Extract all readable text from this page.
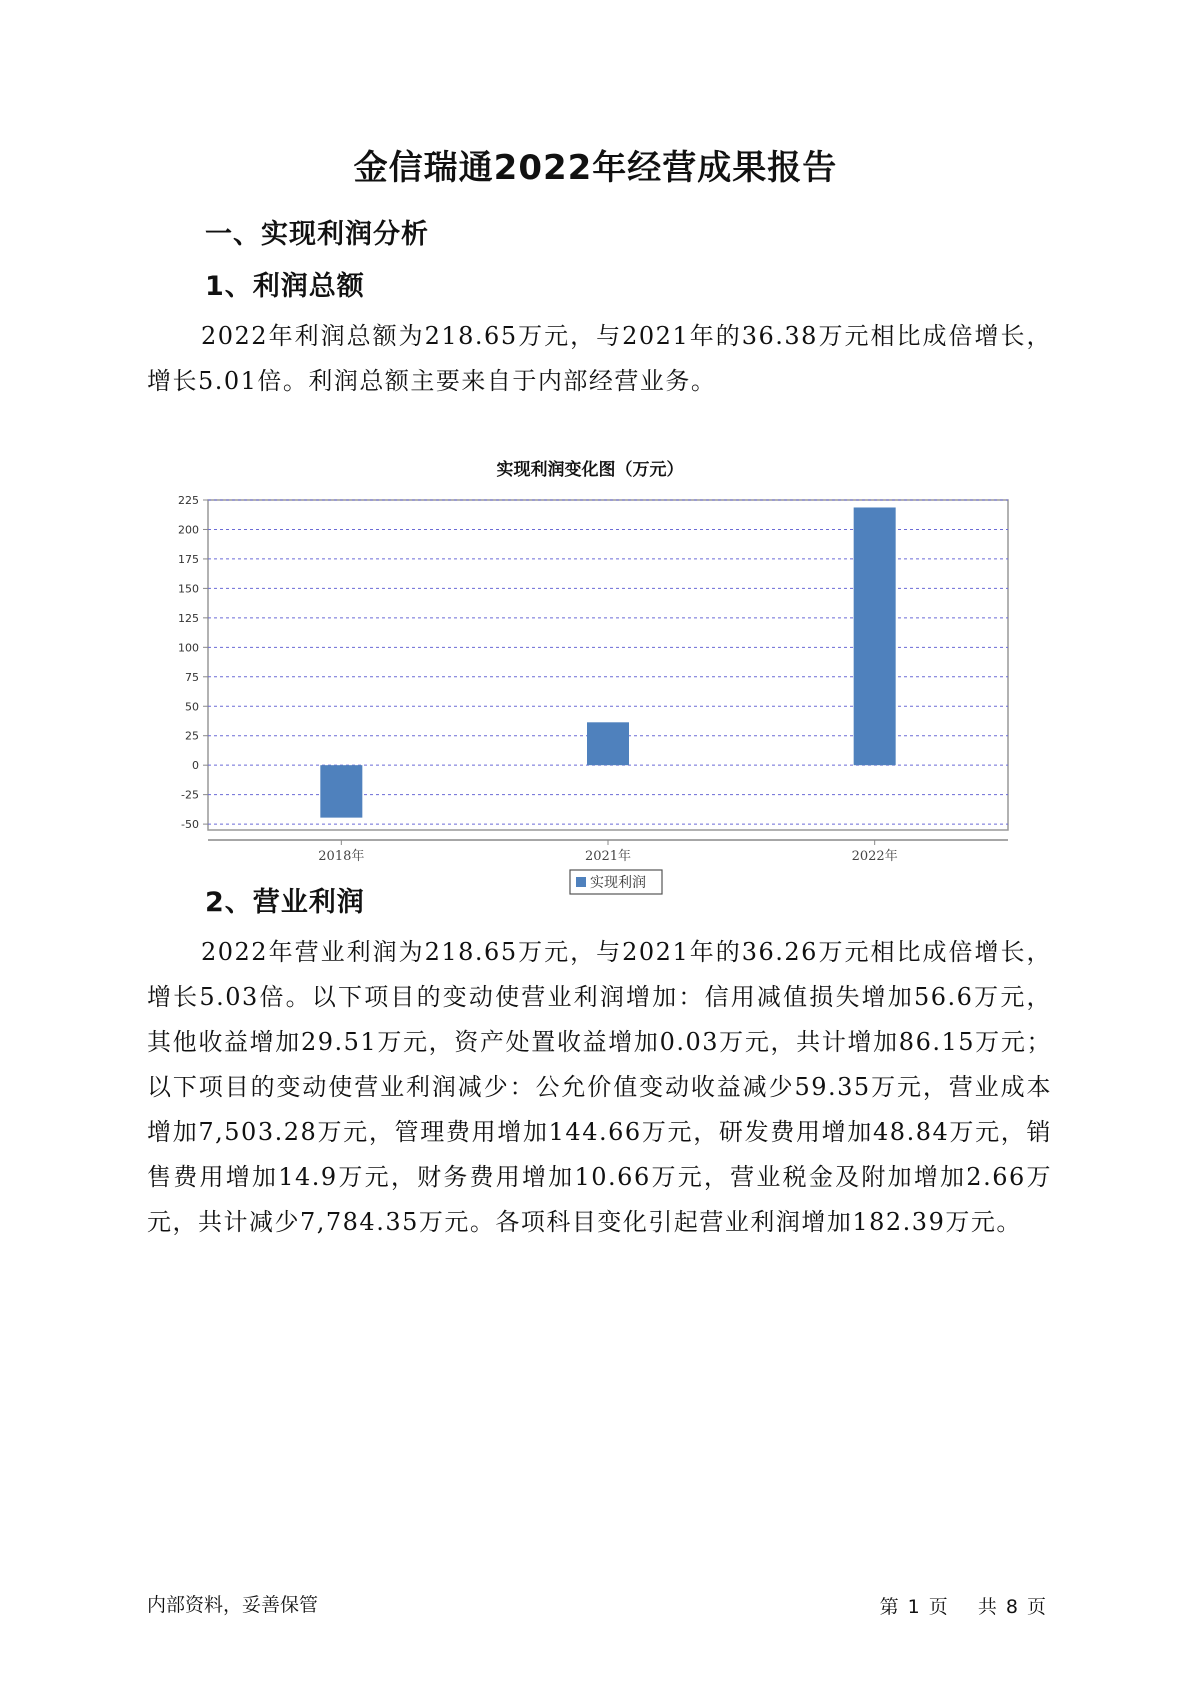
金信瑞通2022年经营成果报告
一、实现利润分析
1、利润总额

2022年利润总额为218.65万元，与2021年的36.38万元相比成倍增长，增长5.01倍。利润总额主要来自于内部经营业务。

225
200
175
150
125
100
75
50
25
0
-25
-50
2018年	2021年	2022年
实现利润
实现利润变化图（万元）
2、营业利润

2022年营业利润为218.65万元，与2021年的36.26万元相比成倍增长，增长5.03倍。以下项目的变动使营业利润增加：信用减值损失增加56.6万元，其他收益增加29.51万元，资产处置收益增加0.03万元，共计增加86.15万元；以下项目的变动使营业利润减少：公允价值变动收益减少59.35万元，营业成本增加7,503.28万元，管理费用增加144.66万元，研发费用增加48.84万元，销售费用增加14.9万元，财务费用增加10.66万元，营业税金及附加增加2.66万元，共计减少7,784.35万元。各项科目变化引起营业利润增加182.39万元。

内部资料，妥善保管	第 1 页 共 8 页
